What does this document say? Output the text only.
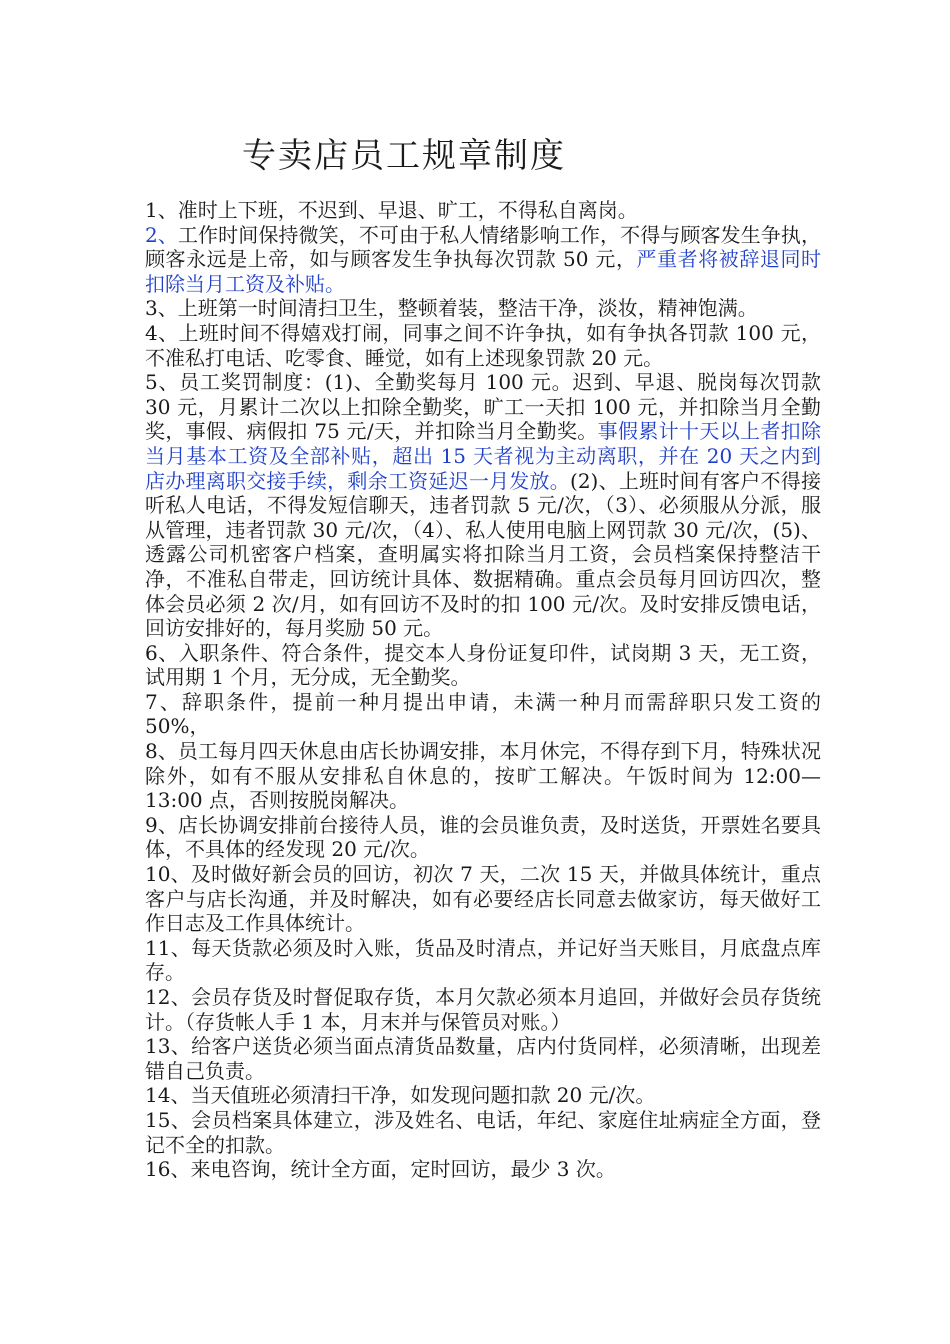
专卖店员工规章制度

1、准时上下班，不迟到、早退、旷工，不得私自离岗。

2、工作时间保持微笑，不可由于私人情绪影响工作，不得与顾客发生争执，顾客永远是上帝，如与顾客发生争执每次罚款 50 元，严重者将被辞退同时扣除当月工资及补贴。

3、上班第一时间清扫卫生，整顿着装，整洁干净，淡妆，精神饱满。

4、上班时间不得嬉戏打闹，同事之间不许争执，如有争执各罚款 100 元，不准私打电话、吃零食、睡觉，如有上述现象罚款 20 元。

5、员工奖罚制度：(1)、全勤奖每月 100 元。迟到、早退、脱岗每次罚款 30 元，月累计二次以上扣除全勤奖，旷工一天扣 100 元，并扣除当月全勤奖，事假、病假扣 75 元/天，并扣除当月全勤奖。事假累计十天以上者扣除当月基本工资及全部补贴，超出 15 天者视为主动离职，并在 20 天之内到店办理离职交接手续，剩余工资延迟一月发放。(2)、上班时间有客户不得接听私人电话，不得发短信聊天，违者罚款 5 元/次，（3）、必须服从分派，服从管理，违者罚款 30 元/次，（4）、私人使用电脑上网罚款 30 元/次，(5)、透露公司机密客户档案，查明属实将扣除当月工资，会员档案保持整洁干净，不准私自带走，回访统计具体、数据精确。重点会员每月回访四次，整体会员必须 2 次/月，如有回访不及时的扣 100 元/次。及时安排反馈电话，回访安排好的，每月奖励 50 元。

6、入职条件、符合条件，提交本人身份证复印件，试岗期 3 天，无工资，试用期 1 个月，无分成，无全勤奖。

7、辞职条件，提前一种月提出申请，未满一种月而需辞职只发工资的 50%，

8、员工每月四天休息由店长协调安排，本月休完，不得存到下月，特殊状况除外，如有不服从安排私自休息的，按旷工解决。午饭时间为 12:00—13:00 点，否则按脱岗解决。

9、店长协调安排前台接待人员，谁的会员谁负责，及时送货，开票姓名要具体，不具体的经发现 20 元/次。

10、及时做好新会员的回访，初次 7 天，二次 15 天，并做具体统计，重点客户与店长沟通，并及时解决，如有必要经店长同意去做家访，每天做好工作日志及工作具体统计。

11、每天货款必须及时入账，货品及时清点，并记好当天账目，月底盘点库存。

12、会员存货及时督促取存货，本月欠款必须本月追回，并做好会员存货统计。（存货帐人手 1 本，月末并与保管员对账。）

13、给客户送货必须当面点清货品数量，店内付货同样，必须清晰，出现差错自己负责。

14、当天值班必须清扫干净，如发现问题扣款 20 元/次。

15、会员档案具体建立，涉及姓名、电话，年纪、家庭住址病症全方面，登记不全的扣款。

16、来电咨询，统计全方面，定时回访，最少 3 次。
